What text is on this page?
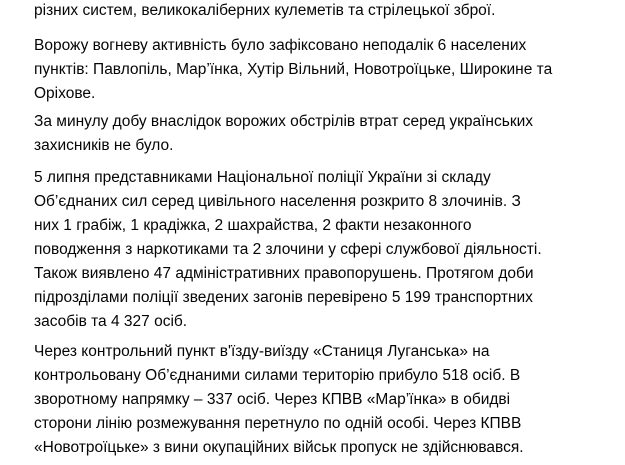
різних систем, великокаліберних кулеметів та стрілецької зброї.

Ворожу вогневу активність було зафіксовано неподалік 6 населених
пунктів: Павлопіль, Мар’їнка, Хутір Вільний, Новотроїцьке, Широкине та
Оріхове.

За минулу добу внаслідок ворожих обстрілів втрат серед українських
захисників не було.

5 липня представниками Національної поліції України зі складу
Об’єднаних сил серед цивільного населення розкрито 8 злочинів. З
них 1 грабіж, 1 крадіжка, 2 шахрайства, 2 факти незаконного
поводження з наркотиками та 2 злочини у сфері службової діяльності.
Також виявлено 47 адміністративних правопорушень. Протягом доби
підрозділами поліції зведених загонів перевірено 5 199 транспортних
засобів та 4 327 осіб.

Через контрольний пункт в'їзду-виїзду «Станиця Луганська» на
контрольовану Об’єднаними силами територію прибуло 518 осіб. В
зворотному напрямку – 337 осіб. Через КПВВ «Мар’їнка» в обидві
сторони лінію розмежування перетнуло по одній особі. Через КПВВ
«Новотроїцьке» з вини окупаційних військ пропуск не здійснювався.
